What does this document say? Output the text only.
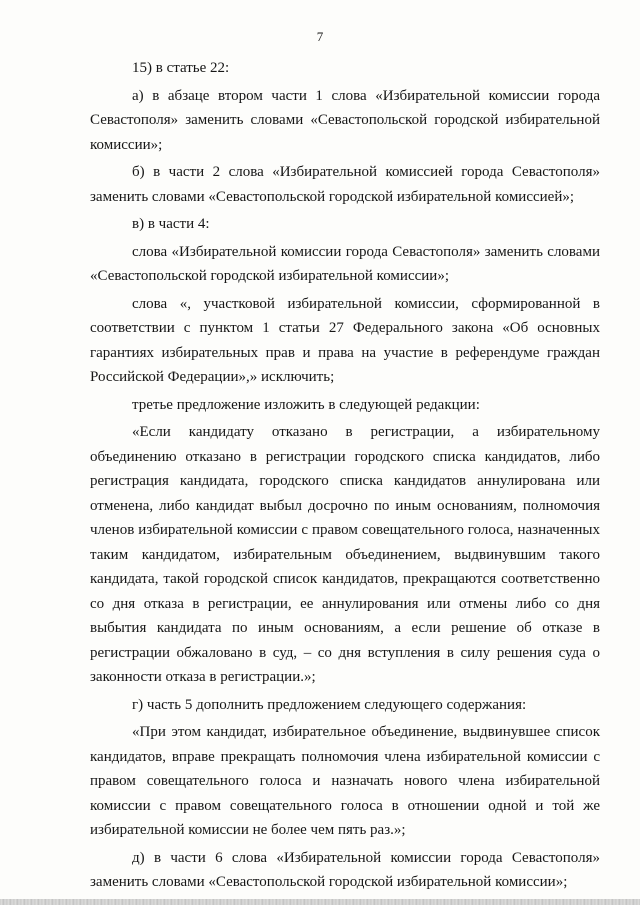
7

15) в статье 22:

а) в абзаце втором части 1 слова «Избирательной комиссии города Севастополя» заменить словами «Севастопольской городской избирательной комиссии»;

б) в части 2 слова «Избирательной комиссией города Севастополя» заменить словами «Севастопольской городской избирательной комиссией»;

в) в части 4:

слова «Избирательной комиссии города Севастополя» заменить словами «Севастопольской городской избирательной комиссии»;

слова «, участковой избирательной комиссии, сформированной в соответствии с пунктом 1 статьи 27 Федерального закона «Об основных гарантиях избирательных прав и права на участие в референдуме граждан Российской Федерации»,» исключить;

третье предложение изложить в следующей редакции:

«Если кандидату отказано в регистрации, а избирательному объединению отказано в регистрации городского списка кандидатов, либо регистрация кандидата, городского списка кандидатов аннулирована или отменена, либо кандидат выбыл досрочно по иным основаниям, полномочия членов избирательной комиссии с правом совещательного голоса, назначенных таким кандидатом, избирательным объединением, выдвинувшим такого кандидата, такой городской список кандидатов, прекращаются соответственно со дня отказа в регистрации, ее аннулирования или отмены либо со дня выбытия кандидата по иным основаниям, а если решение об отказе в регистрации обжаловано в суд, – со дня вступления в силу решения суда о законности отказа в регистрации.»;

г) часть 5 дополнить предложением следующего содержания:

«При этом кандидат, избирательное объединение, выдвинувшее список кандидатов, вправе прекращать полномочия члена избирательной комиссии с правом совещательного голоса и назначать нового члена избирательной комиссии с правом совещательного голоса в отношении одной и той же избирательной комиссии не более чем пять раз.»;

д) в части 6 слова «Избирательной комиссии города Севастополя» заменить словами «Севастопольской городской избирательной комиссии»;
